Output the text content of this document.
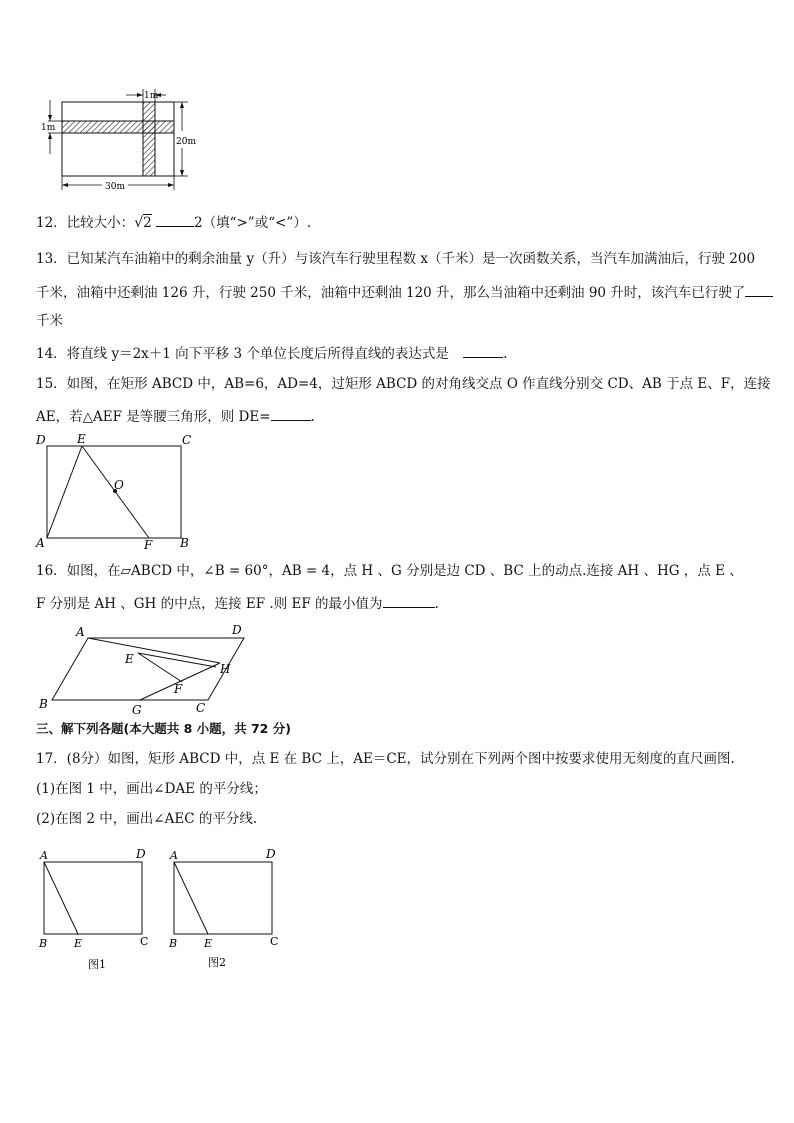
1m
1m
20m
30m
12．比较大小：√2	2（填“>”或“<”）.
13．已知某汽车油箱中的剩余油量 y（升）与该汽车行驶里程数 x（千米）是一次函数关系，当汽车加满油后，行驶 200
千米，油箱中还剩油 126 升，行驶 250 千米，油箱中还剩油 120 升，那么当油箱中还剩油 90 升时，该汽车已行驶了
千米
14．将直线 y＝2x＋1 向下平移 3 个单位长度后所得直线的表达式是	.
15．如图，在矩形 ABCD 中，AB=6，AD=4，过矩形 ABCD 的对角线交点 O 作直线分别交 CD、AB 于点 E、F，连接
AE，若△AEF 是等腰三角形，则 DE=	.
D	E	C
O
A	F B
16．如图，在▱ABCD 中，∠B = 60°，AB = 4，点 H 、G 分别是边 CD 、BC 上的动点.连接 AH 、HG ，点 E 、
F 分别是 AH 、GH 的中点，连接 EF .则 EF 的最小值为	.
A	D
E
H
F
B	G	C
三、解下列各题(本大题共 8 小题，共 72 分)
17．(8分）如图，矩形 ABCD 中，点 E 在 BC 上，AE＝CE，试分别在下列两个图中按要求使用无刻度的直尺画图.
(1)在图 1 中，画出∠DAE 的平分线；
(2)在图 2 中，画出∠AEC 的平分线.
A	D
B E	C
图1
A	D
B E	C
图2
